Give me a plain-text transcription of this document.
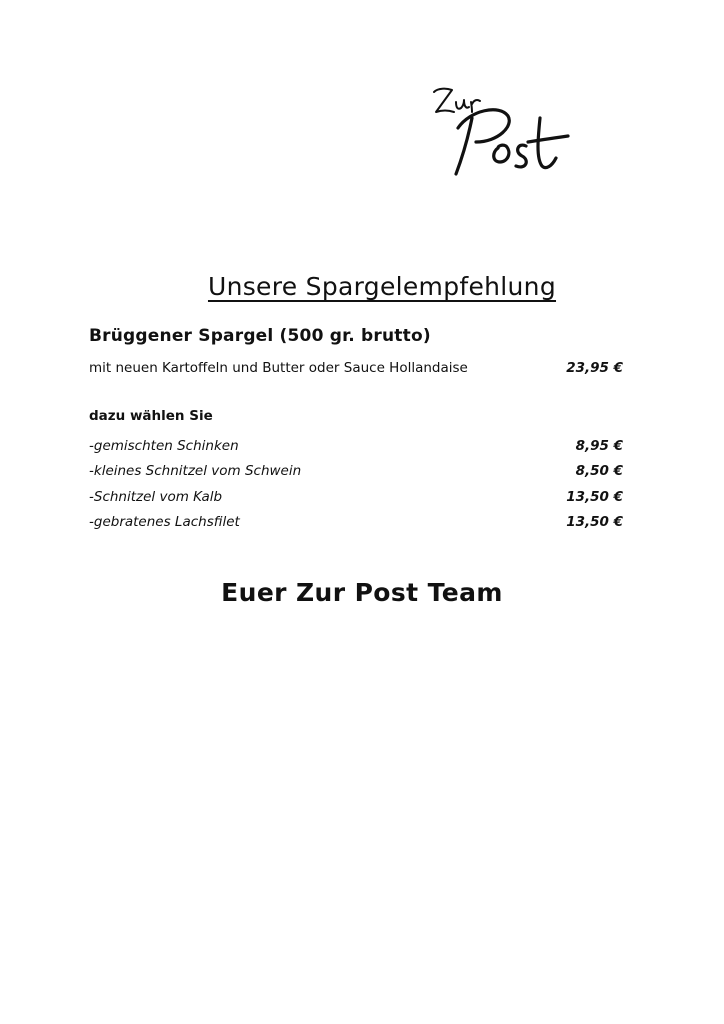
Unsere Spargelempfehlung
Brüggener Spargel (500 gr. brutto)
mit neuen Kartoffeln und Butter oder Sauce Hollandaise	23,95 €
dazu wählen Sie
-gemischten Schinken	8,95 €
-kleines Schnitzel vom Schwein	8,50 €
-Schnitzel vom Kalb	13,50 €
-gebratenes Lachsfilet	13,50 €
Euer Zur Post Team
